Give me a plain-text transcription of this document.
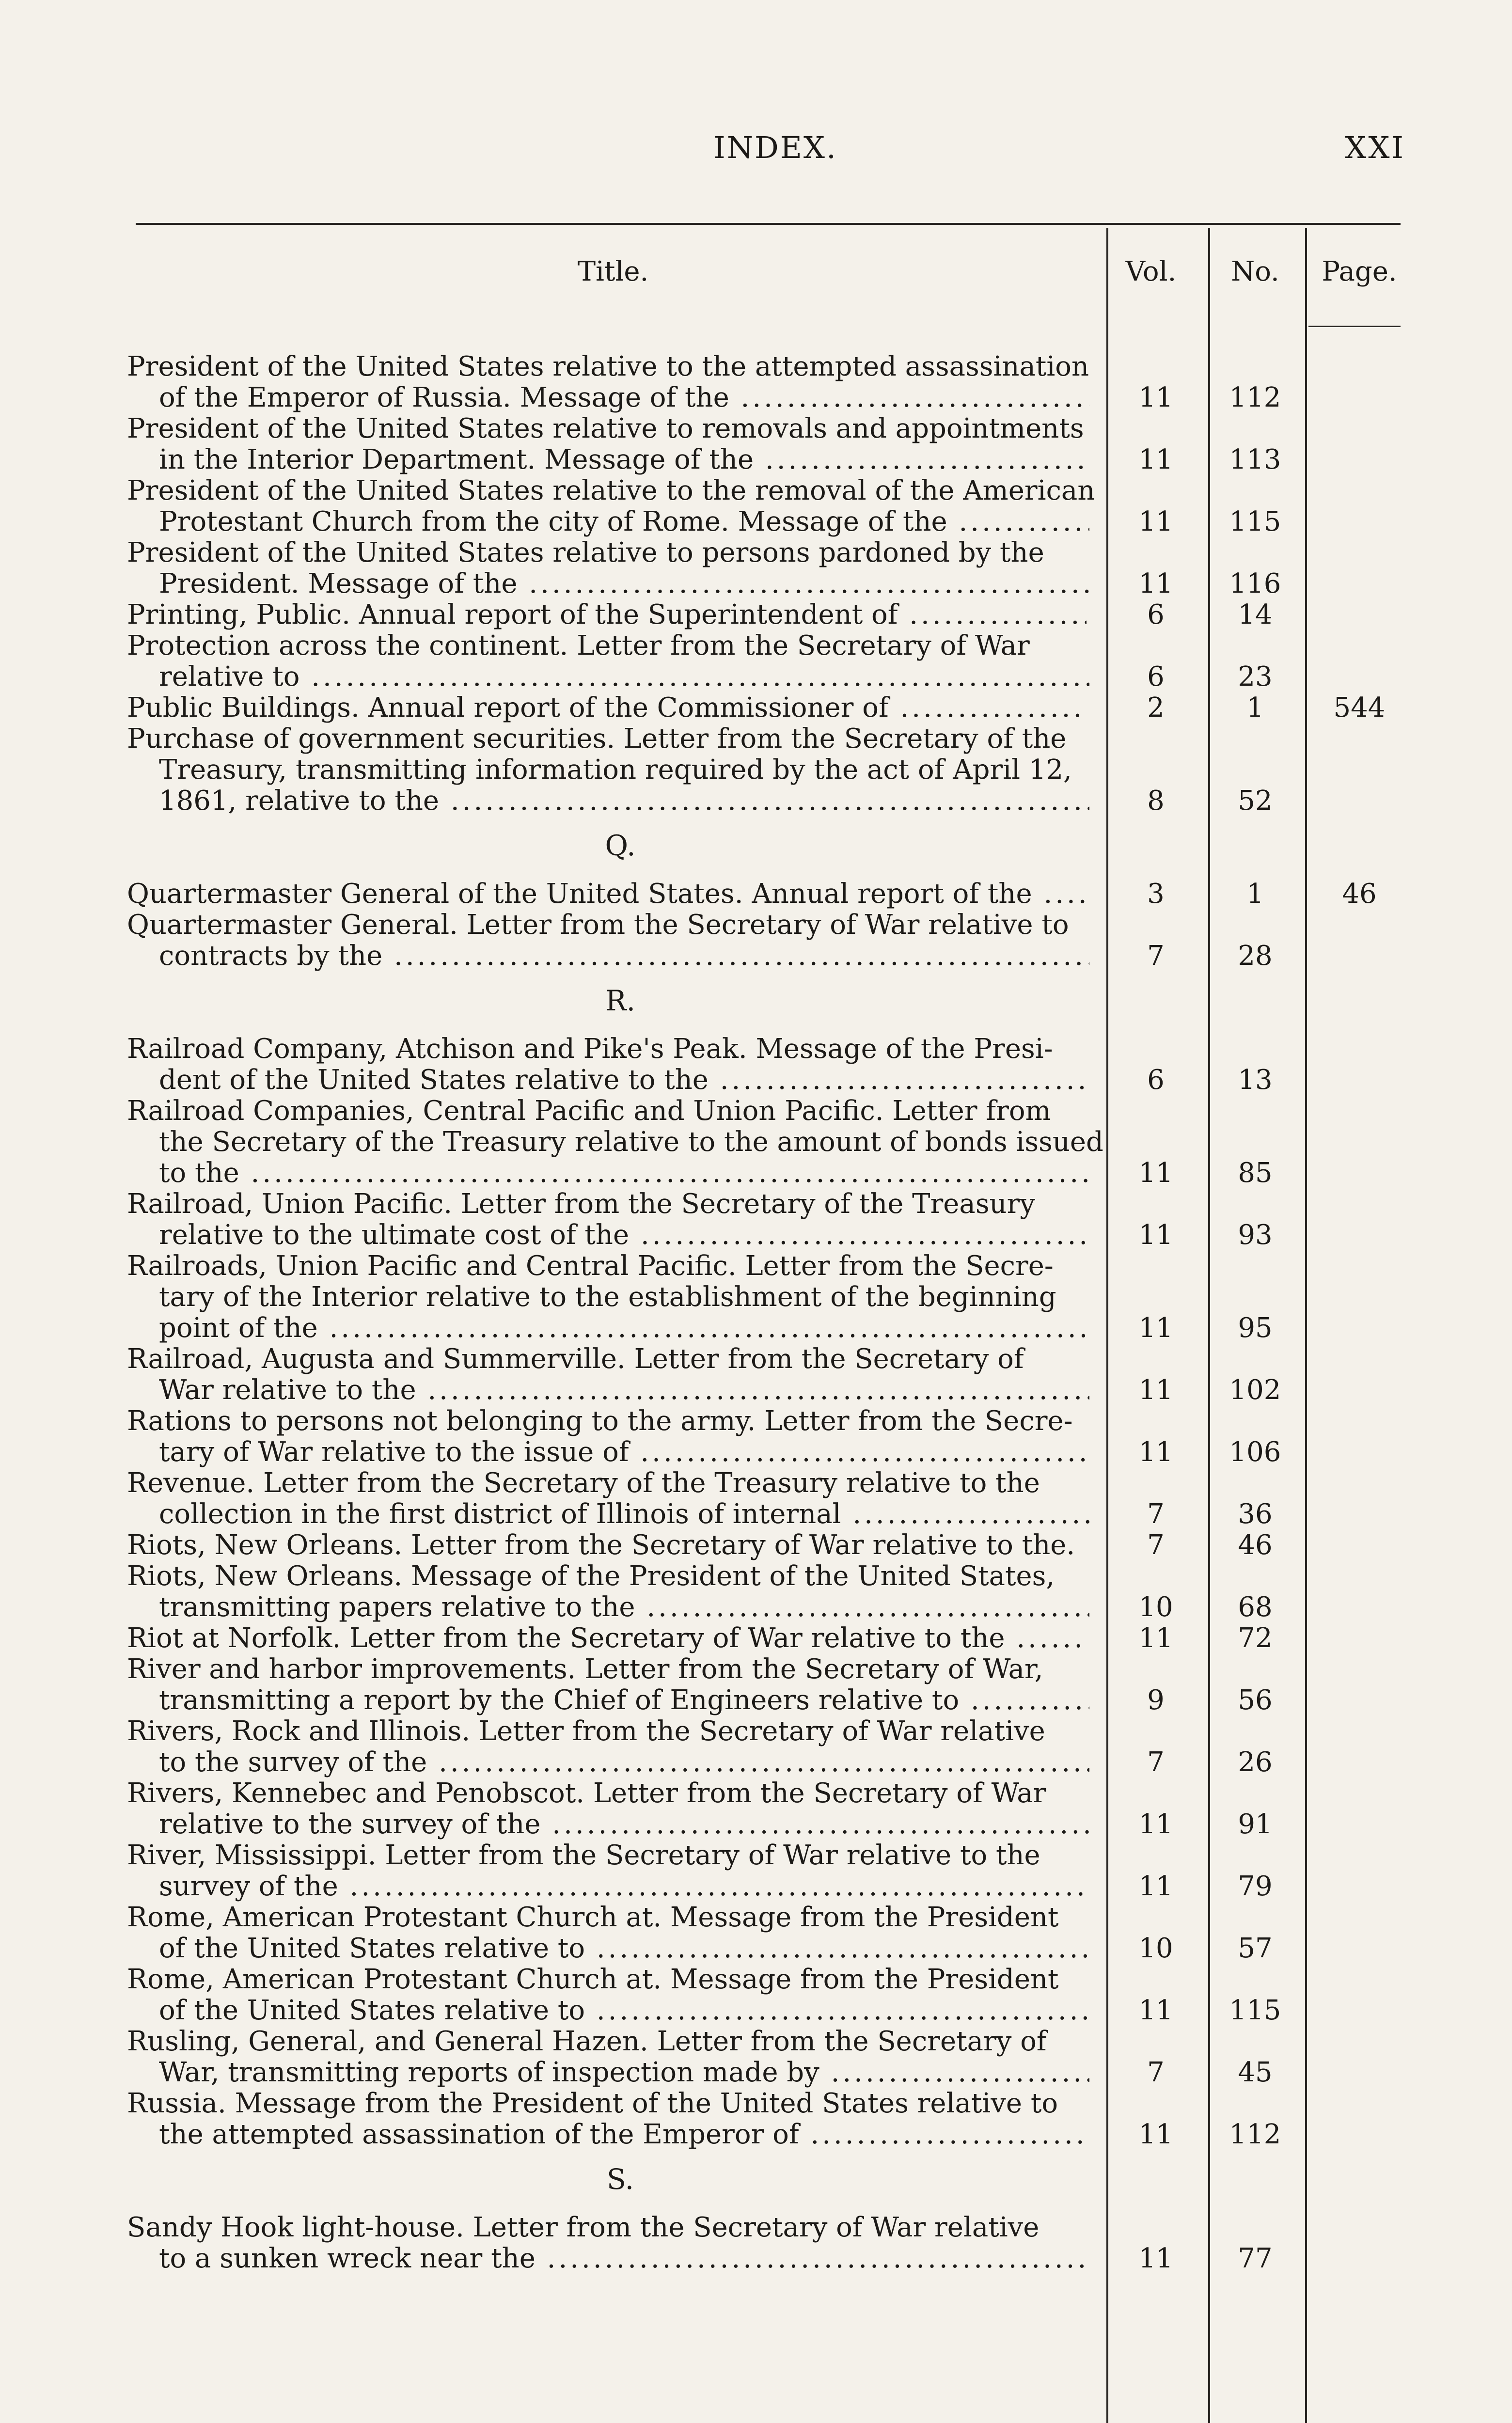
INDEX.	XXI
Title.	Vol.	No.	Page.
President of the United States relative to the attempted assassination
of the Emperor of Russia. Message of the .....	11	112
President of the United States relative to removals and appointments
in the Interior Department. Message of the .....	11	113
President of the United States relative to the removal of the American
Protestant Church from the city of Rome. Message of the .....	11	115
President of the United States relative to persons pardoned by the
President. Message of the .....	11	116
Printing, Public. Annual report of the Superintendent of .....	6	14
Protection across the continent. Letter from the Secretary of War
relative to .....	6	23
Public Buildings. Annual report of the Commissioner of .....	2	1	544
Purchase of government securities. Letter from the Secretary of the
Treasury, transmitting information required by the act of April 12,
1861, relative to the .....	8	52
Q.
Quartermaster General of the United States. Annual report of the .....	3	1	46
Quartermaster General. Letter from the Secretary of War relative to
contracts by the .....	7	28
R.
Railroad Company, Atchison and Pike's Peak. Message of the Presi-
dent of the United States relative to the .....	6	13
Railroad Companies, Central Pacific and Union Pacific. Letter from
the Secretary of the Treasury relative to the amount of bonds issued
to the .....	11	85
Railroad, Union Pacific. Letter from the Secretary of the Treasury
relative to the ultimate cost of the .....	11	93
Railroads, Union Pacific and Central Pacific. Letter from the Secre-
tary of the Interior relative to the establishment of the beginning
point of the .....	11	95
Railroad, Augusta and Summerville. Letter from the Secretary of
War relative to the .....	11	102
Rations to persons not belonging to the army. Letter from the Secre-
tary of War relative to the issue of .....	11	106
Revenue. Letter from the Secretary of the Treasury relative to the
collection in the first district of Illinois of internal .....	7	36
Riots, New Orleans. Letter from the Secretary of War relative to the. .....	7	46
Riots, New Orleans. Message of the President of the United States,
transmitting papers relative to the .....	10	68
Riot at Norfolk. Letter from the Secretary of War relative to the .....	11	72
River and harbor improvements. Letter from the Secretary of War,
transmitting a report by the Chief of Engineers relative to .....	9	56
Rivers, Rock and Illinois. Letter from the Secretary of War relative
to the survey of the .....	7	26
Rivers, Kennebec and Penobscot. Letter from the Secretary of War
relative to the survey of the .....	11	91
River, Mississippi. Letter from the Secretary of War relative to the
survey of the .....	11	79
Rome, American Protestant Church at. Message from the President
of the United States relative to .....	10	57
Rome, American Protestant Church at. Message from the President
of the United States relative to .....	11	115
Rusling, General, and General Hazen. Letter from the Secretary of
War, transmitting reports of inspection made by .....	7	45
Russia. Message from the President of the United States relative to
the attempted assassination of the Emperor of .....	11	112
S.
Sandy Hook light-house. Letter from the Secretary of War relative
to a sunken wreck near the .....	11	77
